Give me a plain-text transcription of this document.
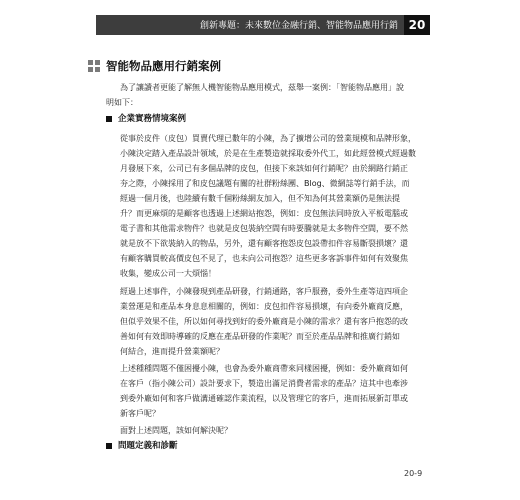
創新專題：未來數位金融行銷、智能物品應用行銷 20
智能物品應用行銷案例
為了讓讀者更能了解無人機智能物品應用模式，茲舉一案例：「智能物品應用」說
明如下：
企業實務情境案例
從事於皮件（皮包）買賣代理已數年的小陳，為了擴增公司的營業規模和品牌形象，
小陳決定踏入產品設計領域，於是在生產製造就採取委外代工，如此經營模式經過數
月發展下來，公司已有多個品牌的皮包，但接下來該如何行銷呢？由於網路行銷正
夯之際，小陳採用了和皮包議題有關的社群粉絲團、Blog、微網誌等行銷手法，而
經過一個月後，也陸續有數千個粉絲網友加入，但不知為何其營業額仍是無法提
升？而更麻煩的是顧客也透過上述網站抱怨，例如：皮包無法同時放入平板電腦或
電子書和其他需求物件？也就是皮包裝納空間有時要騰就是太多物件空間，要不然
就是放不下欲裝納入的物品，另外，還有顧客抱怨皮包設帶扣件容易斷裂損壞？還
有顧客購買較高價皮包不見了，也未向公司抱怨？這些更多客訴事件如何有效聚焦
收集，變成公司一大煩惱！
經過上述事件，小陳發現到產品研發，行銷通路，客戶服務，委外生產等這四項企
業營運是和產品本身息息相關的，例如：皮包扣件容易損壞，有向委外廠商反應，
但似乎效果不佳，所以如何尋找到好的委外廠商是小陳的需求？還有客戶抱怨的改
善如何有效即時導確的反應在產品研發的作業呢？而至於產品品牌和推廣行銷如
何結合，進而提升營業額呢？
上述種種問題不僅困擾小陳，也會為委外廠商帶來同樣困擾，例如：委外廠商如何
在客戶（指小陳公司）設計要求下，製造出滿足消費者需求的產品？這其中也牽涉
到委外廠如何和客戶做溝通確認作業流程，以及管理它的客戶，進而拓展新訂單或
新客戶呢？
面對上述問題，該如何解決呢？
問題定義和診斷
20-9
